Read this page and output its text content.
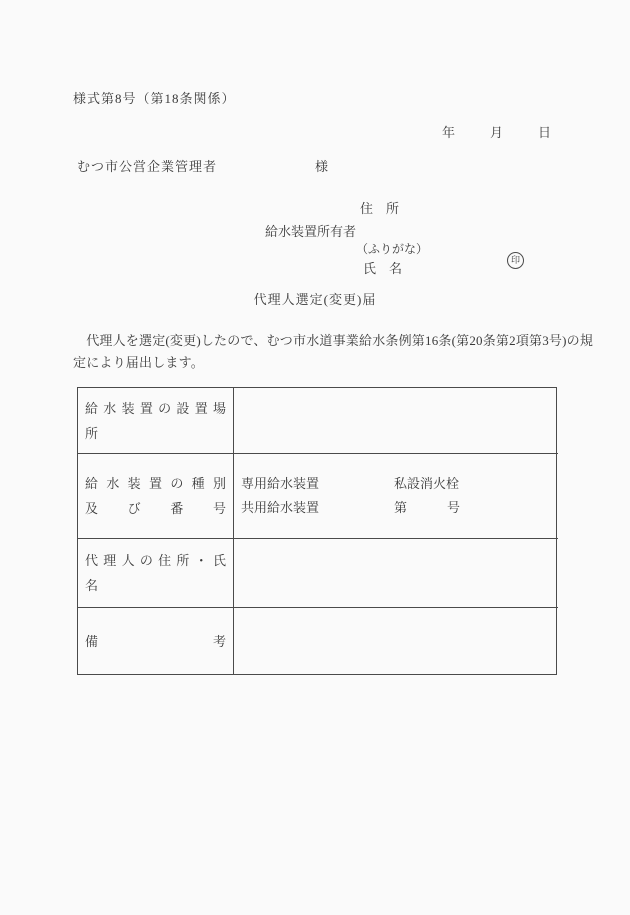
様式第8号（第18条関係）
年	月	日
むつ市公営企業管理者	様
住　所
給水装置所有者
（ふりがな）
氏　名
印
代理人選定(変更)届
　代理人を選定(変更)したので、むつ市水道事業給水条例第16条(第20条第2項第3号)の規
定により届出します。
給 水 装 置 の 設 置 場 所
給 水 装 置 の 種 別
及 び 番 号
専用給水装置	私設消火栓
共用給水装置	第	号
代 理 人 の 住 所 ・ 氏 名
備 考
